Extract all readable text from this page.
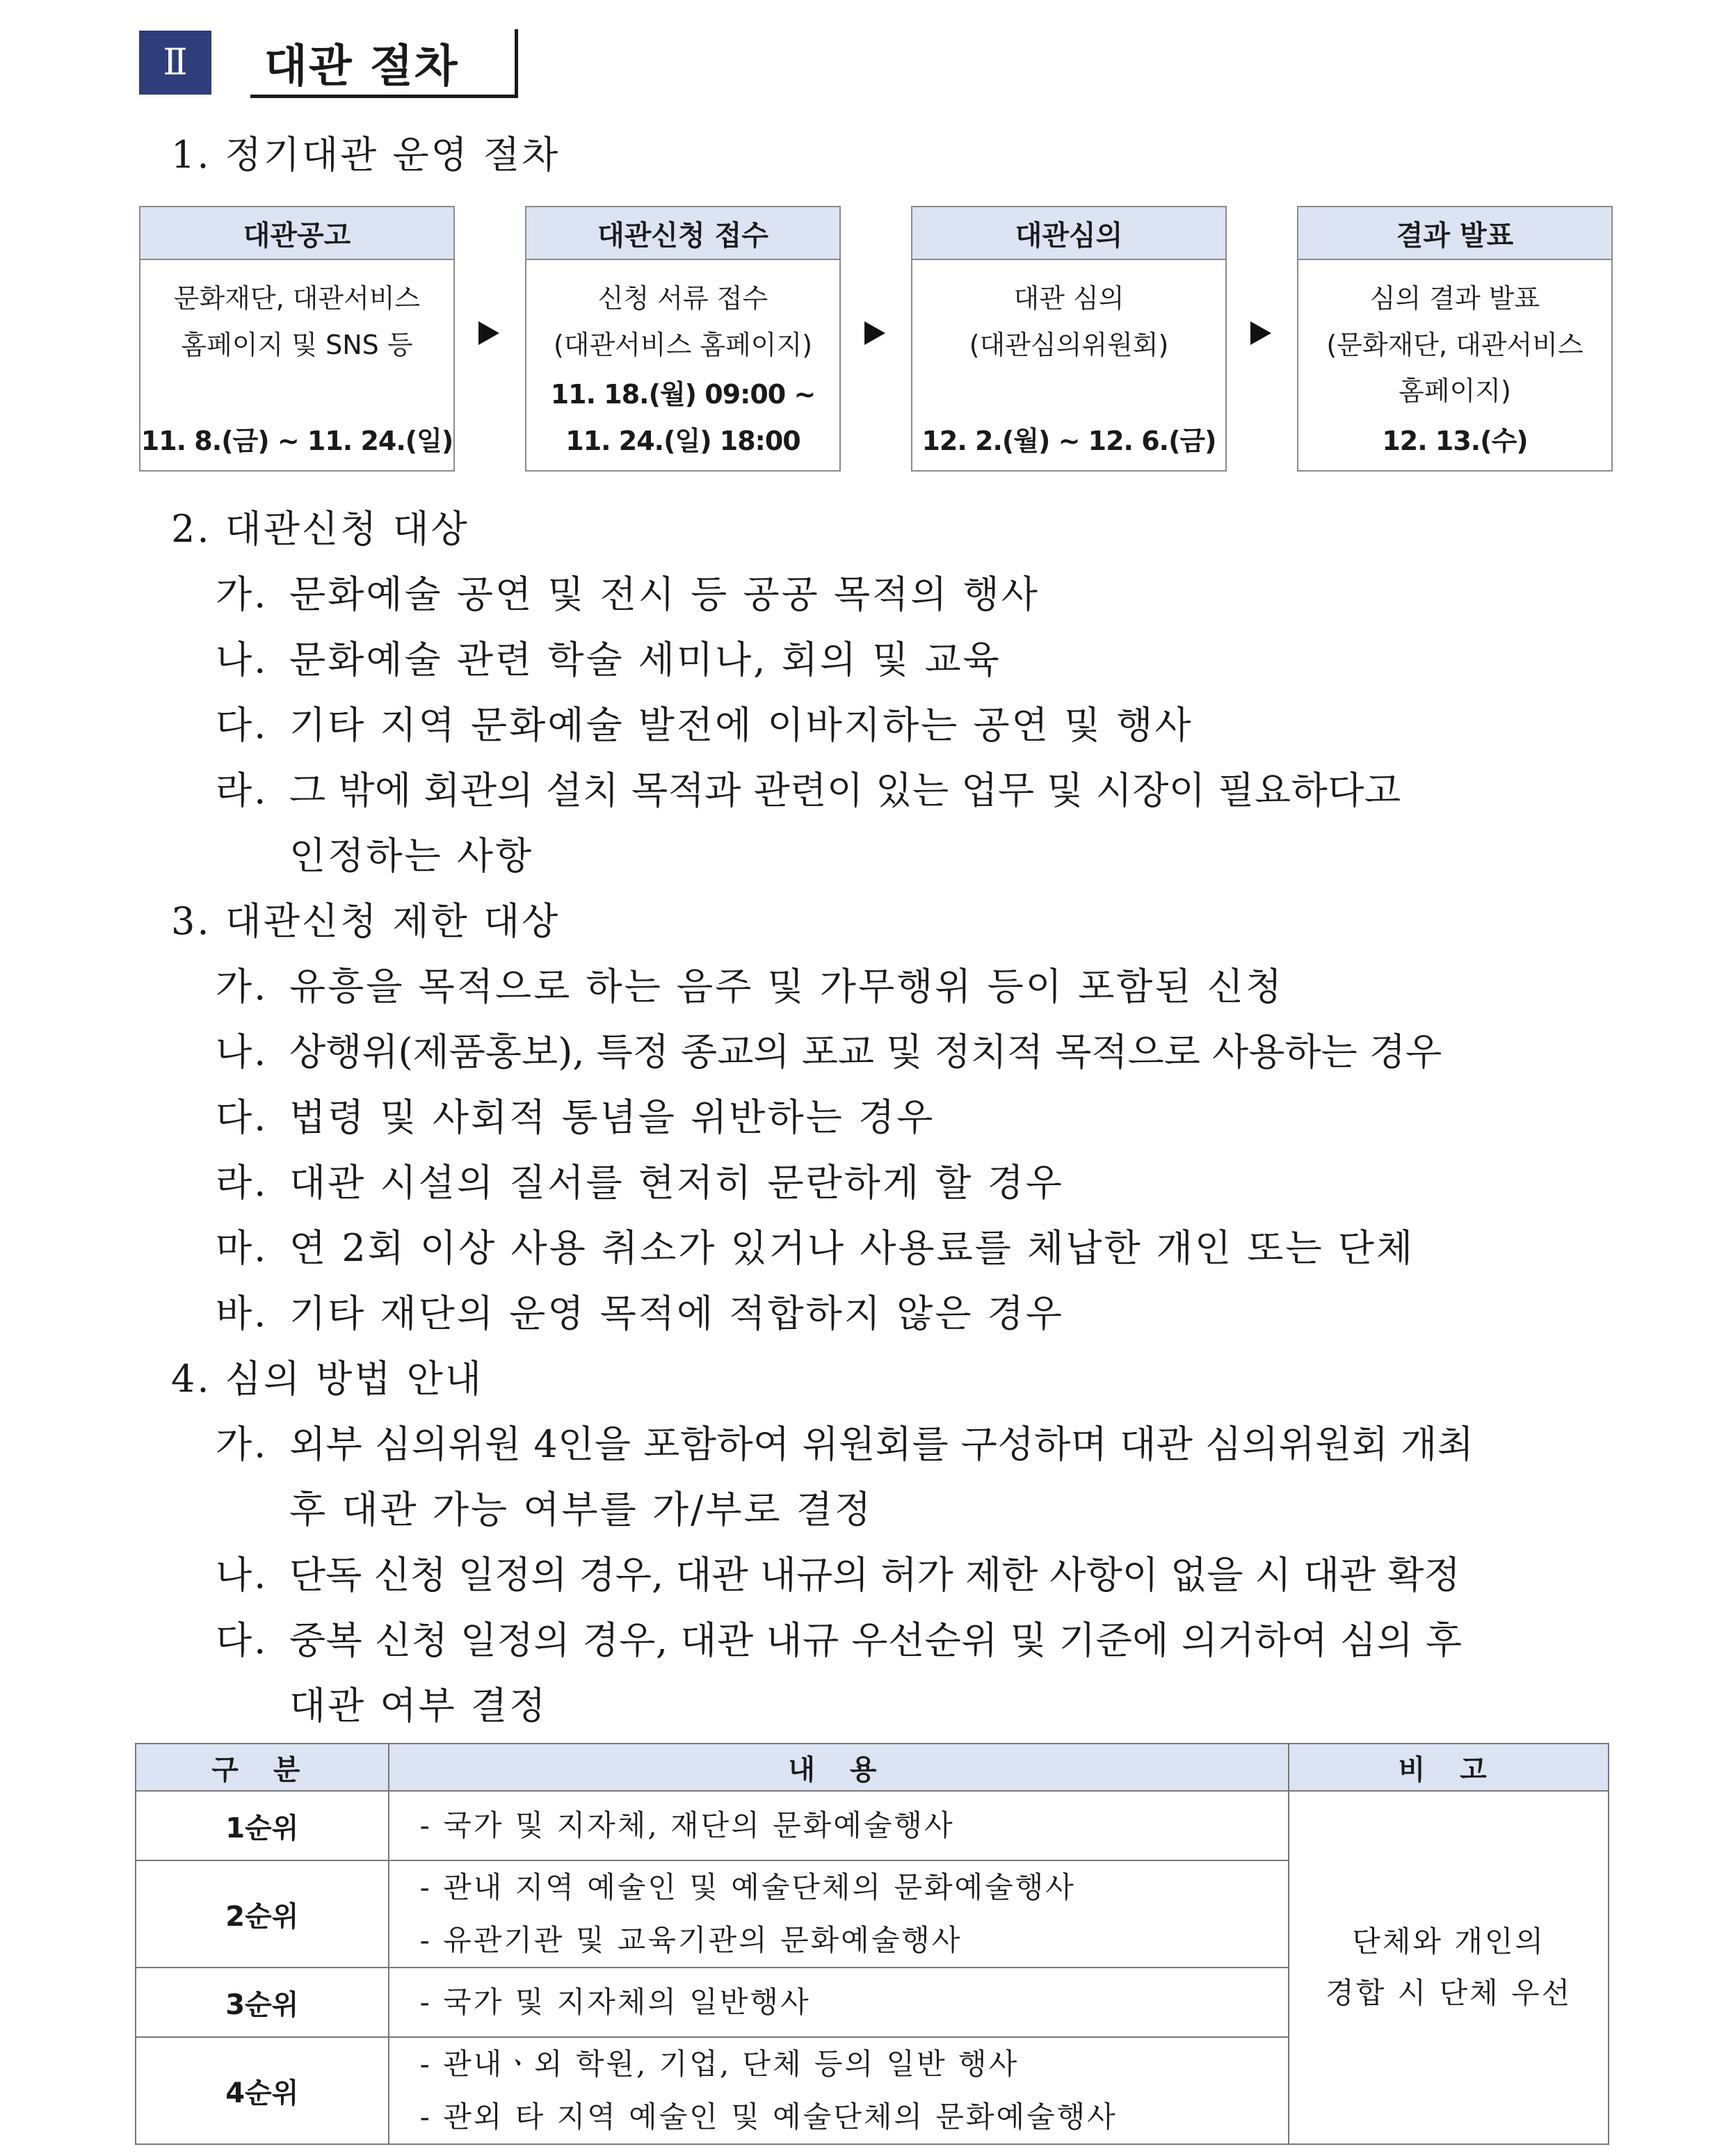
Ⅱ	대관 절차
1. 정기대관 운영 절차
대관공고
문화재단, 대관서비스
홈페이지 및 SNS 등
11. 8.(금) ~ 11. 24.(일)
대관신청 접수
신청 서류 접수
(대관서비스 홈페이지)
11. 18.(월) 09:00 ~
11. 24.(일) 18:00
대관심의
대관 심의
(대관심의위원회)
12. 2.(월) ~ 12. 6.(금)
결과 발표
심의 결과 발표
(문화재단, 대관서비스
홈페이지)
12. 13.(수)
2. 대관신청 대상
가. 문화예술 공연 및 전시 등 공공 목적의 행사
나. 문화예술 관련 학술 세미나, 회의 및 교육
다. 기타 지역 문화예술 발전에 이바지하는 공연 및 행사
라. 그 밖에 회관의 설치 목적과 관련이 있는 업무 및 시장이 필요하다고
인정하는 사항
3. 대관신청 제한 대상
가. 유흥을 목적으로 하는 음주 및 가무행위 등이 포함된 신청
나. 상행위(제품홍보), 특정 종교의 포교 및 정치적 목적으로 사용하는 경우
다. 법령 및 사회적 통념을 위반하는 경우
라. 대관 시설의 질서를 현저히 문란하게 할 경우
마. 연 2회 이상 사용 취소가 있거나 사용료를 체납한 개인 또는 단체
바. 기타 재단의 운영 목적에 적합하지 않은 경우
4. 심의 방법 안내
가. 외부 심의위원 4인을 포함하여 위원회를 구성하며 대관 심의위원회 개최
후 대관 가능 여부를 가/부로 결정
나. 단독 신청 일정의 경우, 대관 내규의 허가 제한 사항이 없을 시 대관 확정
다. 중복 신청 일정의 경우, 대관 내규 우선순위 및 기준에 의거하여 심의 후
대관 여부 결정
구 분	내 용	비 고
1순위	- 국가 및 지자체, 재단의 문화예술행사	단체와 개인의
경합 시 단체 우선

2순위	- 관내 지역 예술인 및 예술단체의 문화예술행사
- 유관기관 및 교육기관의 문화예술행사	

3순위	- 국가 및 지자체의 일반행사	

4순위	- 관내ㆍ외 학원, 기업, 단체 등의 일반 행사
- 관외 타 지역 예술인 및 예술단체의 문화예술행사	
